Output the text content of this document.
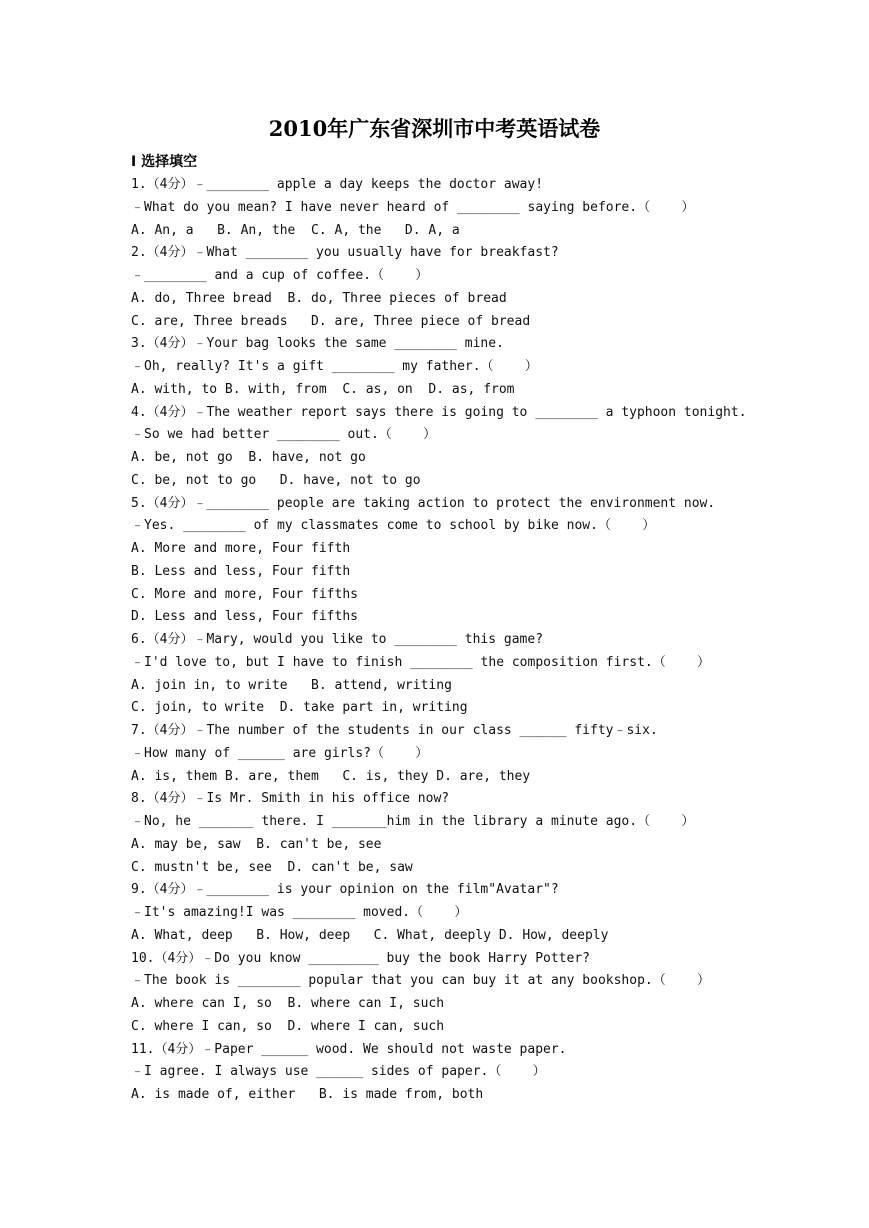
2010年广东省深圳市中考英语试卷
I 选择填空
1.（4分）﹣________ apple a day keeps the doctor away!
﹣What do you mean? I have never heard of ________ saying before.（    ）
A. An, a   B. An, the  C. A, the   D. A, a
2.（4分）﹣What ________ you usually have for breakfast?
﹣________ and a cup of coffee.（    ）
A. do, Three bread  B. do, Three pieces of bread
C. are, Three breads   D. are, Three piece of bread
3.（4分）﹣Your bag looks the same ________ mine.
﹣Oh, really? It's a gift ________ my father.（    ）
A. with, to B. with, from  C. as, on  D. as, from
4.（4分）﹣The weather report says there is going to ________ a typhoon tonight.
﹣So we had better ________ out.（    ）
A. be, not go  B. have, not go
C. be, not to go   D. have, not to go
5.（4分）﹣________ people are taking action to protect the environment now.
﹣Yes. ________ of my classmates come to school by bike now.（    ）
A. More and more, Four fifth
B. Less and less, Four fifth
C. More and more, Four fifths
D. Less and less, Four fifths
6.（4分）﹣Mary, would you like to ________ this game?
﹣I'd love to, but I have to finish ________ the composition first.（    ）
A. join in, to write   B. attend, writing
C. join, to write  D. take part in, writing
7.（4分）﹣The number of the students in our class ______ fifty﹣six.
﹣How many of ______ are girls?（    ）
A. is, them B. are, them   C. is, they D. are, they
8.（4分）﹣Is Mr. Smith in his office now?
﹣No, he _______ there. I _______him in the library a minute ago.（    ）
A. may be, saw  B. can't be, see
C. mustn't be, see  D. can't be, saw
9.（4分）﹣________ is your opinion on the film"Avatar"?
﹣It's amazing!I was ________ moved.（    ）
A. What, deep   B. How, deep   C. What, deeply D. How, deeply
10.（4分）﹣Do you know _________ buy the book Harry Potter?
﹣The book is ________ popular that you can buy it at any bookshop.（    ）
A. where can I, so  B. where can I, such
C. where I can, so  D. where I can, such
11.（4分）﹣Paper ______ wood. We should not waste paper.
﹣I agree. I always use ______ sides of paper.（    ）
A. is made of, either   B. is made from, both
